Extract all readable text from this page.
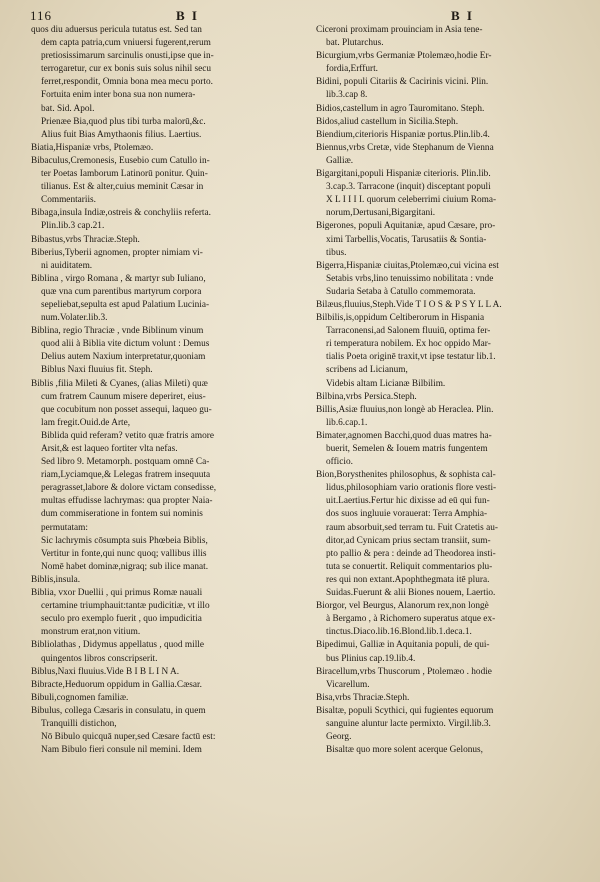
116	B I	B I
quos diu aduersus pericula tutatus est. Sed tan
dem capta patria,cum vniuersi fugerent,rerum
pretiosissimarum sarcinulis onusti,ipse que in-
terrogaretur, cur ex bonis suis solus nihil secu
ferret,respondit, Omnia bona mea mecu porto.
Fortuita enim inter bona sua non numera-
bat. Sid. Apol.
Prienæe Bia,quod plus tibi turba malorū,&c.
Alius fuit Bias Amythaonis filius. Laertius.
Biatia,Hispaniæ vrbs, Ptolemæo.
Bibaculus,Cremonesis, Eusebio cum Catullo in-
ter Poetas Iamborum Latinorū ponitur. Quin-
tilianus. Est & alter,cuius meminit Cæsar in
Commentariis.
Bibaga,insula Indiæ,ostreis & conchyliis referta.
Plin.lib.3 cap.21.
Bibastus,vrbs Thraciæ.Steph.
Biberius,Tyberii agnomen, propter nimiam vi-
ni auiditatem.
Biblina , virgo Romana , & martyr sub Iuliano,
quæ vna cum parentibus martyrum corpora
sepeliebat,sepulta est apud Palatium Lucinia-
num.Volater.lib.3.
Biblina, regio Thraciæ , vnde Biblinum vinum
quod alii à Biblia vite dictum volunt : Demus
Delius autem Naxium interpretatur,quoniam
Biblus Naxi fluuius fit. Steph.
Biblis ,filia Mileti & Cyanes, (alias Mileti) quæ
cum fratrem Caunum misere deperiret, eius-
que cocubitum non posset assequi, laqueo gu-
lam fregit.Ouid.de Arte,
Biblida quid referam? vetito quæ fratris amore
Arsit,& est laqueo fortiter vlta nefas.
Sed libro 9. Metamorph. postquam omnē Ca-
riam,Lyciamque,& Lelegas fratrem insequuta
peragrasset,labore & dolore victam consedisse,
multas effudisse lachrymas: qua propter Naia-
dum commiseratione in fontem sui nominis
permutatam:
Sic lachrymis cōsumpta suis Phœbeia Biblis,
Vertitur in fonte,qui nunc quoq; vallibus illis
Nomē habet dominæ,nigraq; sub ilice manat.
Biblis,insula.
Biblia, vxor Duellii , qui primus Romæ nauali
certamine triumphauit:tantæ pudicitiæ, vt illo
seculo pro exemplo fuerit , quo impudicitia
monstrum erat,non vitium.
Bibliolathas , Didymus appellatus , quod mille
quingentos libros conscripserit.
Biblus,Naxi fluuius.Vide B I B L I N A.
Bibracte,Heduorum oppidum in Gallia.Cæsar.
Bibuli,cognomen familiæ.
Bibulus, collega Cæsaris in consulatu, in quem
Tranquilli distichon,
Nō Bibulo quicquā nuper,sed Cæsare factū est:
Nam Bibulo fieri consule nil memini. Idem
Ciceroni proximam prouinciam in Asia tene-
bat. Plutarchus.
Bicurgium,vrbs Germaniæ Ptolemæo,hodie Er-
fordia,Erffurt.
Bidini, populi Citariis & Cacirinis vicini. Plin.
lib.3.cap 8.
Bidios,castellum in agro Tauromitano. Steph.
Bidos,aliud castellum in Sicilia.Steph.
Biendium,citerioris Hispaniæ portus.Plin.lib.4.
Biennus,vrbs Cretæ, vide Stephanum de Vienna
Galliæ.
Bigargitani,populi Hispaniæ citerioris. Plin.lib.
3.cap.3. Tarracone (inquit) disceptant populi
X L I I I I. quorum celeberrimi ciuium Roma-
norum,Dertusani,Bigargitani.
Bigerones, populi Aquitaniæ, apud Cæsare, pro-
ximi Tarbellis,Vocatis, Tarusatiis & Sontia-
tibus.
Bigerra,Hispaniæ ciuitas,Ptolemæo,cui vicina est
Setabis vrbs,lino tenuissimo nobilitata : vnde
Sudaria Setaba à Catullo commemorata.
Bilæus,fluuius,Steph.Vide T I O S & P S Y L L A.
Bilbilis,is,oppidum Celtiberorum in Hispania
Tarraconensi,ad Salonem fluuiū, optima fer-
ri temperatura nobilem. Ex hoc oppido Mar-
tialis Poeta originē traxit,vt ipse testatur lib.1.
scribens ad Licianum,
Videbis altam Licianæ Bilbilim.
Bilbina,vrbs Persica.Steph.
Billis,Asiæ fluuius,non longè ab Heraclea. Plin.
lib.6.cap.1.
Bimater,agnomen Bacchi,quod duas matres ha-
buerit, Semelen & Iouem matris fungentem
officio.
Bion,Borysthenites philosophus, & sophista cal-
lidus,philosophiam vario orationis flore vesti-
uit.Laertius.Fertur hic dixisse ad eū qui fun-
dos suos ingluuie vorauerat: Terra Amphia-
raum absorbuit,sed terram tu. Fuit Cratetis au-
ditor,ad Cynicam prius sectam transiit, sum-
pto pallio & pera : deinde ad Theodorea insti-
tuta se conuertit. Reliquit commentarios plu-
res qui non extant.Apophthegmata itē plura.
Suidas.Fuerunt & alii Biones nouem, Laertio.
Biorgor, vel Beurgus, Alanorum rex,non longè
à Bergamo , à Richomero superatus atque ex-
tinctus.Diaco.lib.16.Blond.lib.1.deca.1.
Bipedimui, Galliæ in Aquitania populi, de qui-
bus Plinius cap.19.lib.4.
Biracellum,vrbs Thuscorum , Ptolemæo . hodie
Vicarellum.
Bisa,vrbs Thraciæ.Steph.
Bisaltæ, populi Scythici, qui fugientes equorum
sanguine aluntur lacte permixto. Virgil.lib.3.
Georg.
Bisaltæ quo more solent acerque Gelonus,
